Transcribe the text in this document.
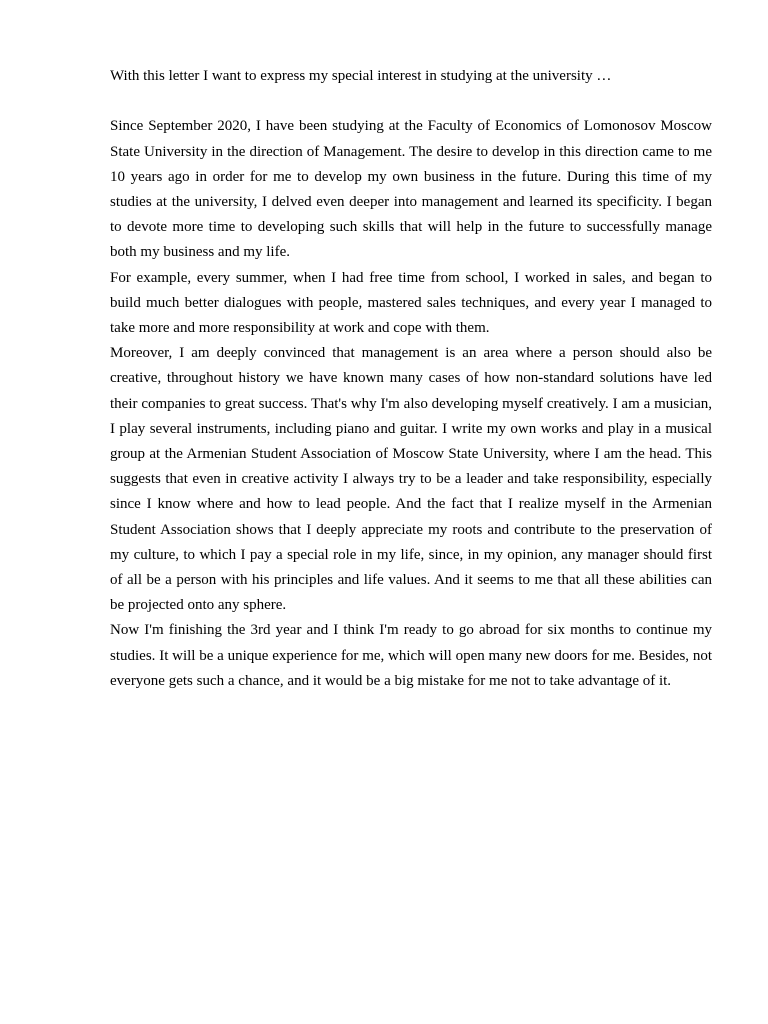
With this letter I want to express my special interest in studying at the university …

Since September 2020, I have been studying at the Faculty of Economics of Lomonosov Moscow State University in the direction of Management. The desire to develop in this direction came to me 10 years ago in order for me to develop my own business in the future. During this time of my studies at the university, I delved even deeper into management and learned its specificity. I began to devote more time to developing such skills that will help in the future to successfully manage both my business and my life.

For example, every summer, when I had free time from school, I worked in sales, and began to build much better dialogues with people, mastered sales techniques, and every year I managed to take more and more responsibility at work and cope with them.

Moreover, I am deeply convinced that management is an area where a person should also be creative, throughout history we have known many cases of how non-standard solutions have led their companies to great success. That's why I'm also developing myself creatively. I am a musician, I play several instruments, including piano and guitar. I write my own works and play in a musical group at the Armenian Student Association of Moscow State University, where I am the head. This suggests that even in creative activity I always try to be a leader and take responsibility, especially since I know where and how to lead people. And the fact that I realize myself in the Armenian Student Association shows that I deeply appreciate my roots and contribute to the preservation of my culture, to which I pay a special role in my life, since, in my opinion, any manager should first of all be a person with his principles and life values. And it seems to me that all these abilities can be projected onto any sphere.

Now I'm finishing the 3rd year and I think I'm ready to go abroad for six months to continue my studies. It will be a unique experience for me, which will open many new doors for me. Besides, not everyone gets such a chance, and it would be a big mistake for me not to take advantage of it.
